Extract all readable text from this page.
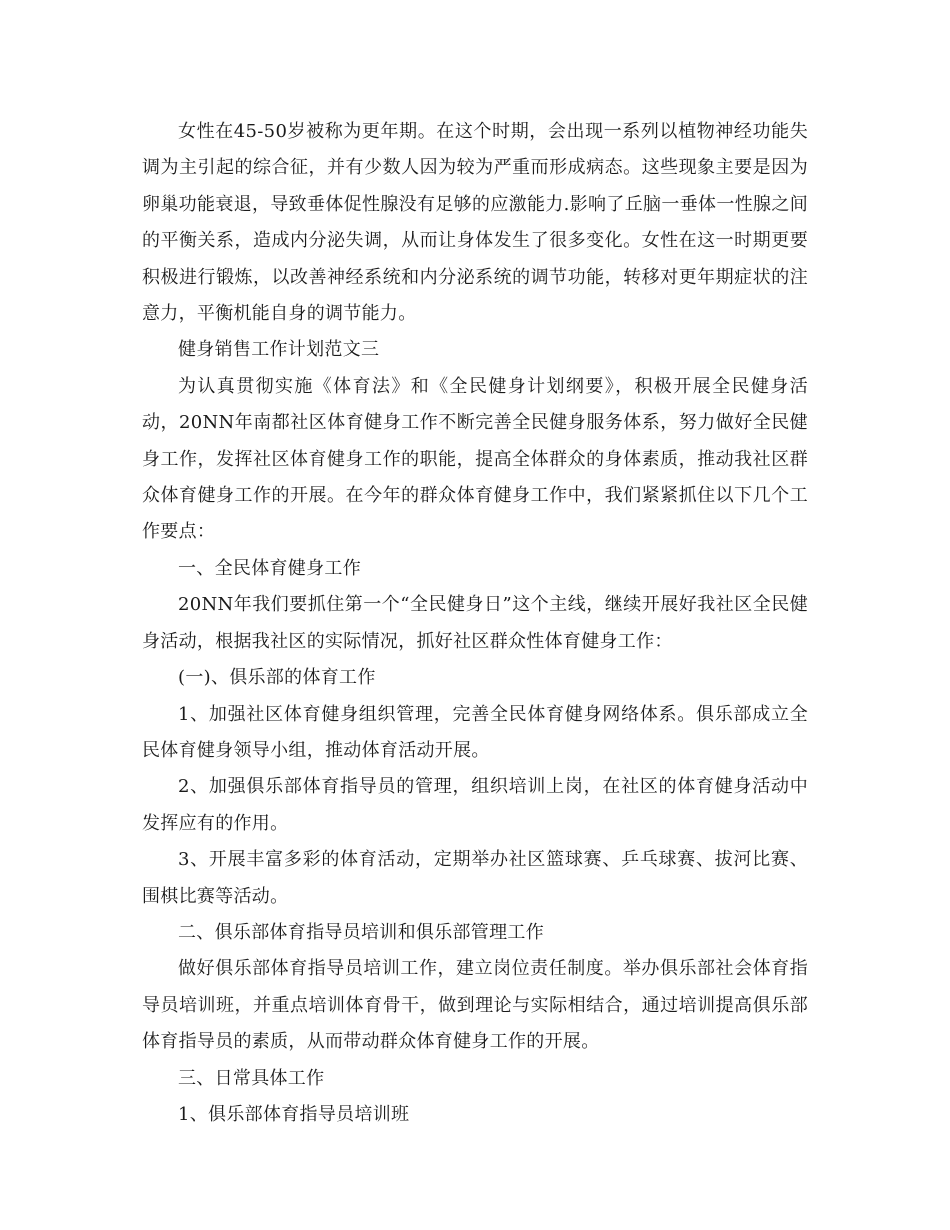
女性在45-50岁被称为更年期。在这个时期，会出现一系列以植物神经功能失调为主引起的综合征，并有少数人因为较为严重而形成病态。这些现象主要是因为卵巢功能衰退，导致垂体促性腺没有足够的应激能力.影响了丘脑一垂体一性腺之间的平衡关系，造成内分泌失调，从而让身体发生了很多变化。女性在这一时期更要积极进行锻炼，以改善神经系统和内分泌系统的调节功能，转移对更年期症状的注意力，平衡机能自身的调节能力。

健身销售工作计划范文三

为认真贯彻实施《体育法》和《全民健身计划纲要》，积极开展全民健身活动，20NN年南都社区体育健身工作不断完善全民健身服务体系，努力做好全民健身工作，发挥社区体育健身工作的职能，提高全体群众的身体素质，推动我社区群众体育健身工作的开展。在今年的群众体育健身工作中，我们紧紧抓住以下几个工作要点：

一、全民体育健身工作

20NN年我们要抓住第一个“全民健身日”这个主线，继续开展好我社区全民健身活动，根据我社区的实际情况，抓好社区群众性体育健身工作：

(一)、俱乐部的体育工作

1、加强社区体育健身组织管理，完善全民体育健身网络体系。俱乐部成立全民体育健身领导小组，推动体育活动开展。

2、加强俱乐部体育指导员的管理，组织培训上岗，在社区的体育健身活动中发挥应有的作用。

3、开展丰富多彩的体育活动，定期举办社区篮球赛、乒乓球赛、拔河比赛、围棋比赛等活动。

二、俱乐部体育指导员培训和俱乐部管理工作

做好俱乐部体育指导员培训工作，建立岗位责任制度。举办俱乐部社会体育指导员培训班，并重点培训体育骨干，做到理论与实际相结合，通过培训提高俱乐部体育指导员的素质，从而带动群众体育健身工作的开展。

三、日常具体工作

1、俱乐部体育指导员培训班
